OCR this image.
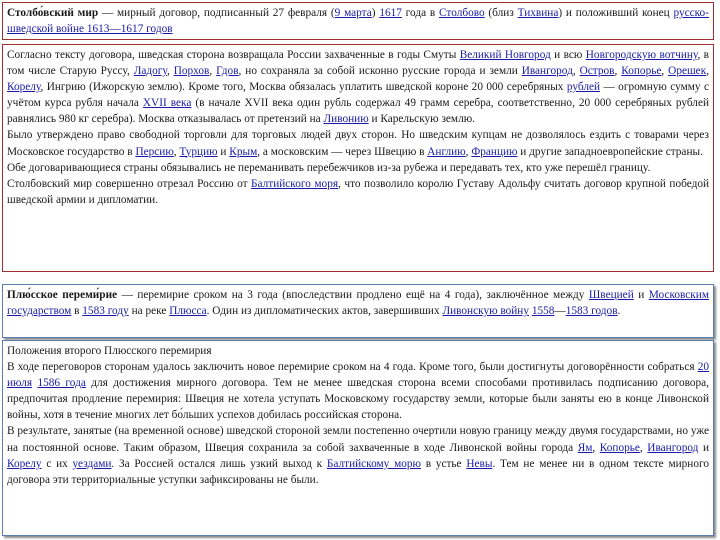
Столбо́вский мир — мирный договор, подписанный 27 февраля (9 марта) 1617 года в Столбово (близ Тихвина) и положивший конец русско-шведской войне 1613—1617 годов

Согласно тексту договора, шведская сторона возвращала России захваченные в годы Смуты Великий Новгород и всю Новгородскую вотчину, в том числе Старую Руссу, Ладогу, Порхов, Гдов, но сохраняла за собой исконно русские города и земли Ивангород, Остров, Копорье, Орешек, Корелу, Ингрию (Ижорскую землю). Кроме того, Москва обязалась уплатить шведской короне 20 000 серебряных рублей — огромную сумму с учётом курса рубля начала XVII века (в начале XVII века один рубль содержал 49 грамм серебра, соответственно, 20 000 серебряных рублей равнялись 980 кг серебра). Москва отказывалась от претензий на Ливонию и Карельскую землю.

Было утверждено право свободной торговли для торговых людей двух сторон. Но шведским купцам не дозволялось ездить с товарами через Московское государство в Персию, Турцию и Крым, а московским — через Швецию в Англию, Францию и другие западноевропейские страны.

Обе договаривающиеся страны обязывались не переманивать перебежчиков из-за рубежа и передавать тех, кто уже перешёл границу.

Столбовский мир совершенно отрезал Россию от Балтийского моря, что позволило королю Густаву Адольфу считать договор крупной победой шведской армии и дипломатии.

Плю́сское переми́рие — перемирие сроком на 3 года (впоследствии продлено ещё на 4 года), заключённое между Швецией и Московским государством в 1583 году на реке Плюсса. Один из дипломатических актов, завершивших Ливонскую войну 1558—1583 годов.

Положения второго Плюсского перемирия

В ходе переговоров сторонам удалось заключить новое перемирие сроком на 4 года. Кроме того, были достигнуты договорённости собраться 20 июля 1586 года для достижения мирного договора. Тем не менее шведская сторона всеми способами противилась подписанию договора, предпочитая продление перемирия: Швеция не хотела уступать Московскому государству земли, которые были заняты ею в конце Ливонской войны, хотя в течение многих лет бо́льших успехов добилась российская сторона.

В результате, занятые (на временной основе) шведской стороной земли постепенно очертили новую границу между двумя государствами, но уже на постоянной основе. Таким образом, Швеция сохранила за собой захваченные в ходе Ливонской войны города Ям, Копорье, Ивангород и Корелу с их уездами. За Россией остался лишь узкий выход к Балтийскому морю в устье Невы. Тем не менее ни в одном тексте мирного договора эти территориальные уступки зафиксированы не были.
